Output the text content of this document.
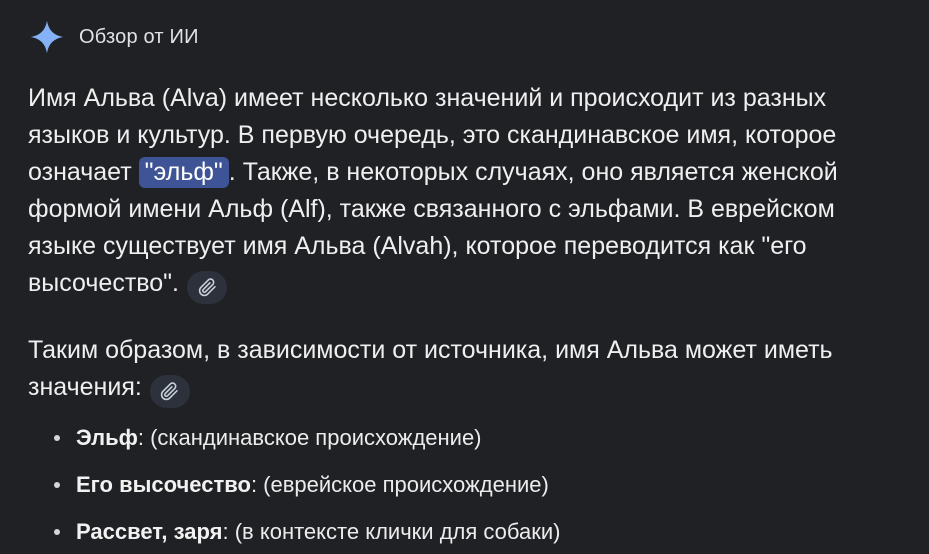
Обзор от ИИ

Имя Альва (Alva) имеет несколько значений и происходит из разных языков и культур. В первую очередь, это скандинавское имя, которое означает "эльф" . Также, в некоторых случаях, оно является женской формой имени Альф (Alf), также связанного с эльфами. В еврейском языке существует имя Альва (Alvah), которое переводится как "его высочество".

Таким образом, в зависимости от источника, имя Альва может иметь значения:

Эльф: (скандинавское происхождение)
Его высочество: (еврейское происхождение)
Рассвет, заря: (в контексте клички для собаки)
